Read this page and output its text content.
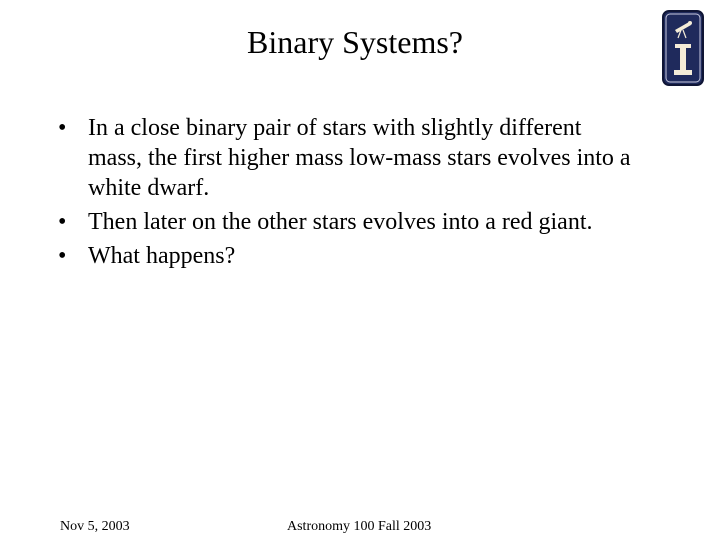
Binary Systems?
• In a close binary pair of stars with slightly different mass, the first higher mass low-mass stars evolves into a white dwarf.
• Then later on the other stars evolves into a red giant.
• What happens?
Nov 5, 2003	Astronomy 100 Fall 2003
